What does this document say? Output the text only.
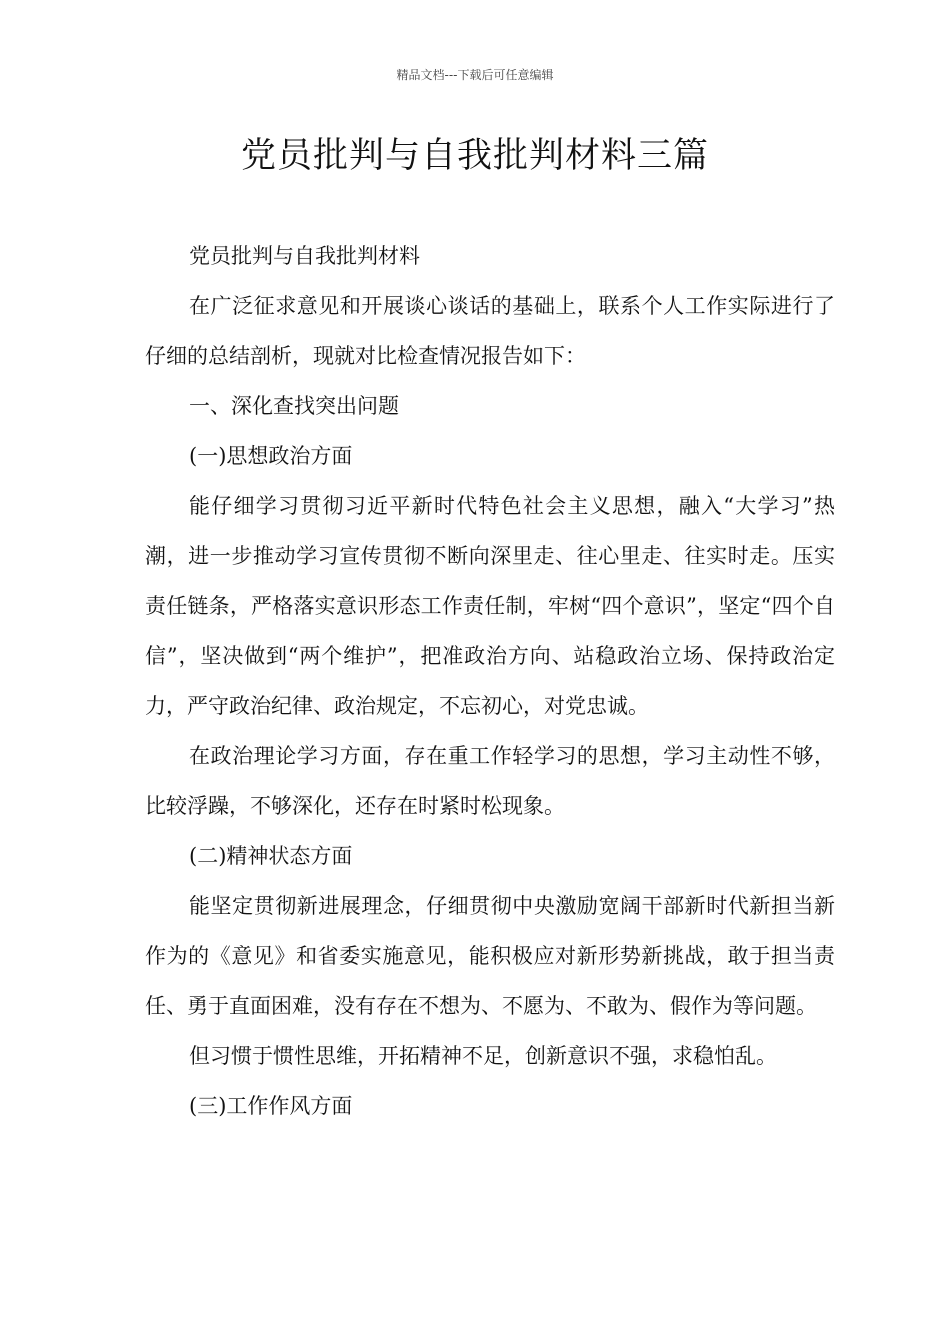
精品文档---下载后可任意编辑
党员批判与自我批判材料三篇

党员批判与自我批判材料

在广泛征求意见和开展谈心谈话的基础上，联系个人工作实际进行了仔细的总结剖析，现就对比检查情况报告如下：

一、深化查找突出问题

(一)思想政治方面

能仔细学习贯彻习近平新时代特色社会主义思想，融入“大学习”热潮，进一步推动学习宣传贯彻不断向深里走、往心里走、往实时走。压实责任链条，严格落实意识形态工作责任制，牢树“四个意识”，坚定“四个自信”，坚决做到“两个维护”，把准政治方向、站稳政治立场、保持政治定力，严守政治纪律、政治规定，不忘初心，对党忠诚。

在政治理论学习方面，存在重工作轻学习的思想，学习主动性不够，比较浮躁，不够深化，还存在时紧时松现象。

(二)精神状态方面

能坚定贯彻新进展理念，仔细贯彻中央激励宽阔干部新时代新担当新作为的《意见》和省委实施意见，能积极应对新形势新挑战，敢于担当责任、勇于直面困难，没有存在不想为、不愿为、不敢为、假作为等问题。

但习惯于惯性思维，开拓精神不足，创新意识不强，求稳怕乱。

(三)工作作风方面
